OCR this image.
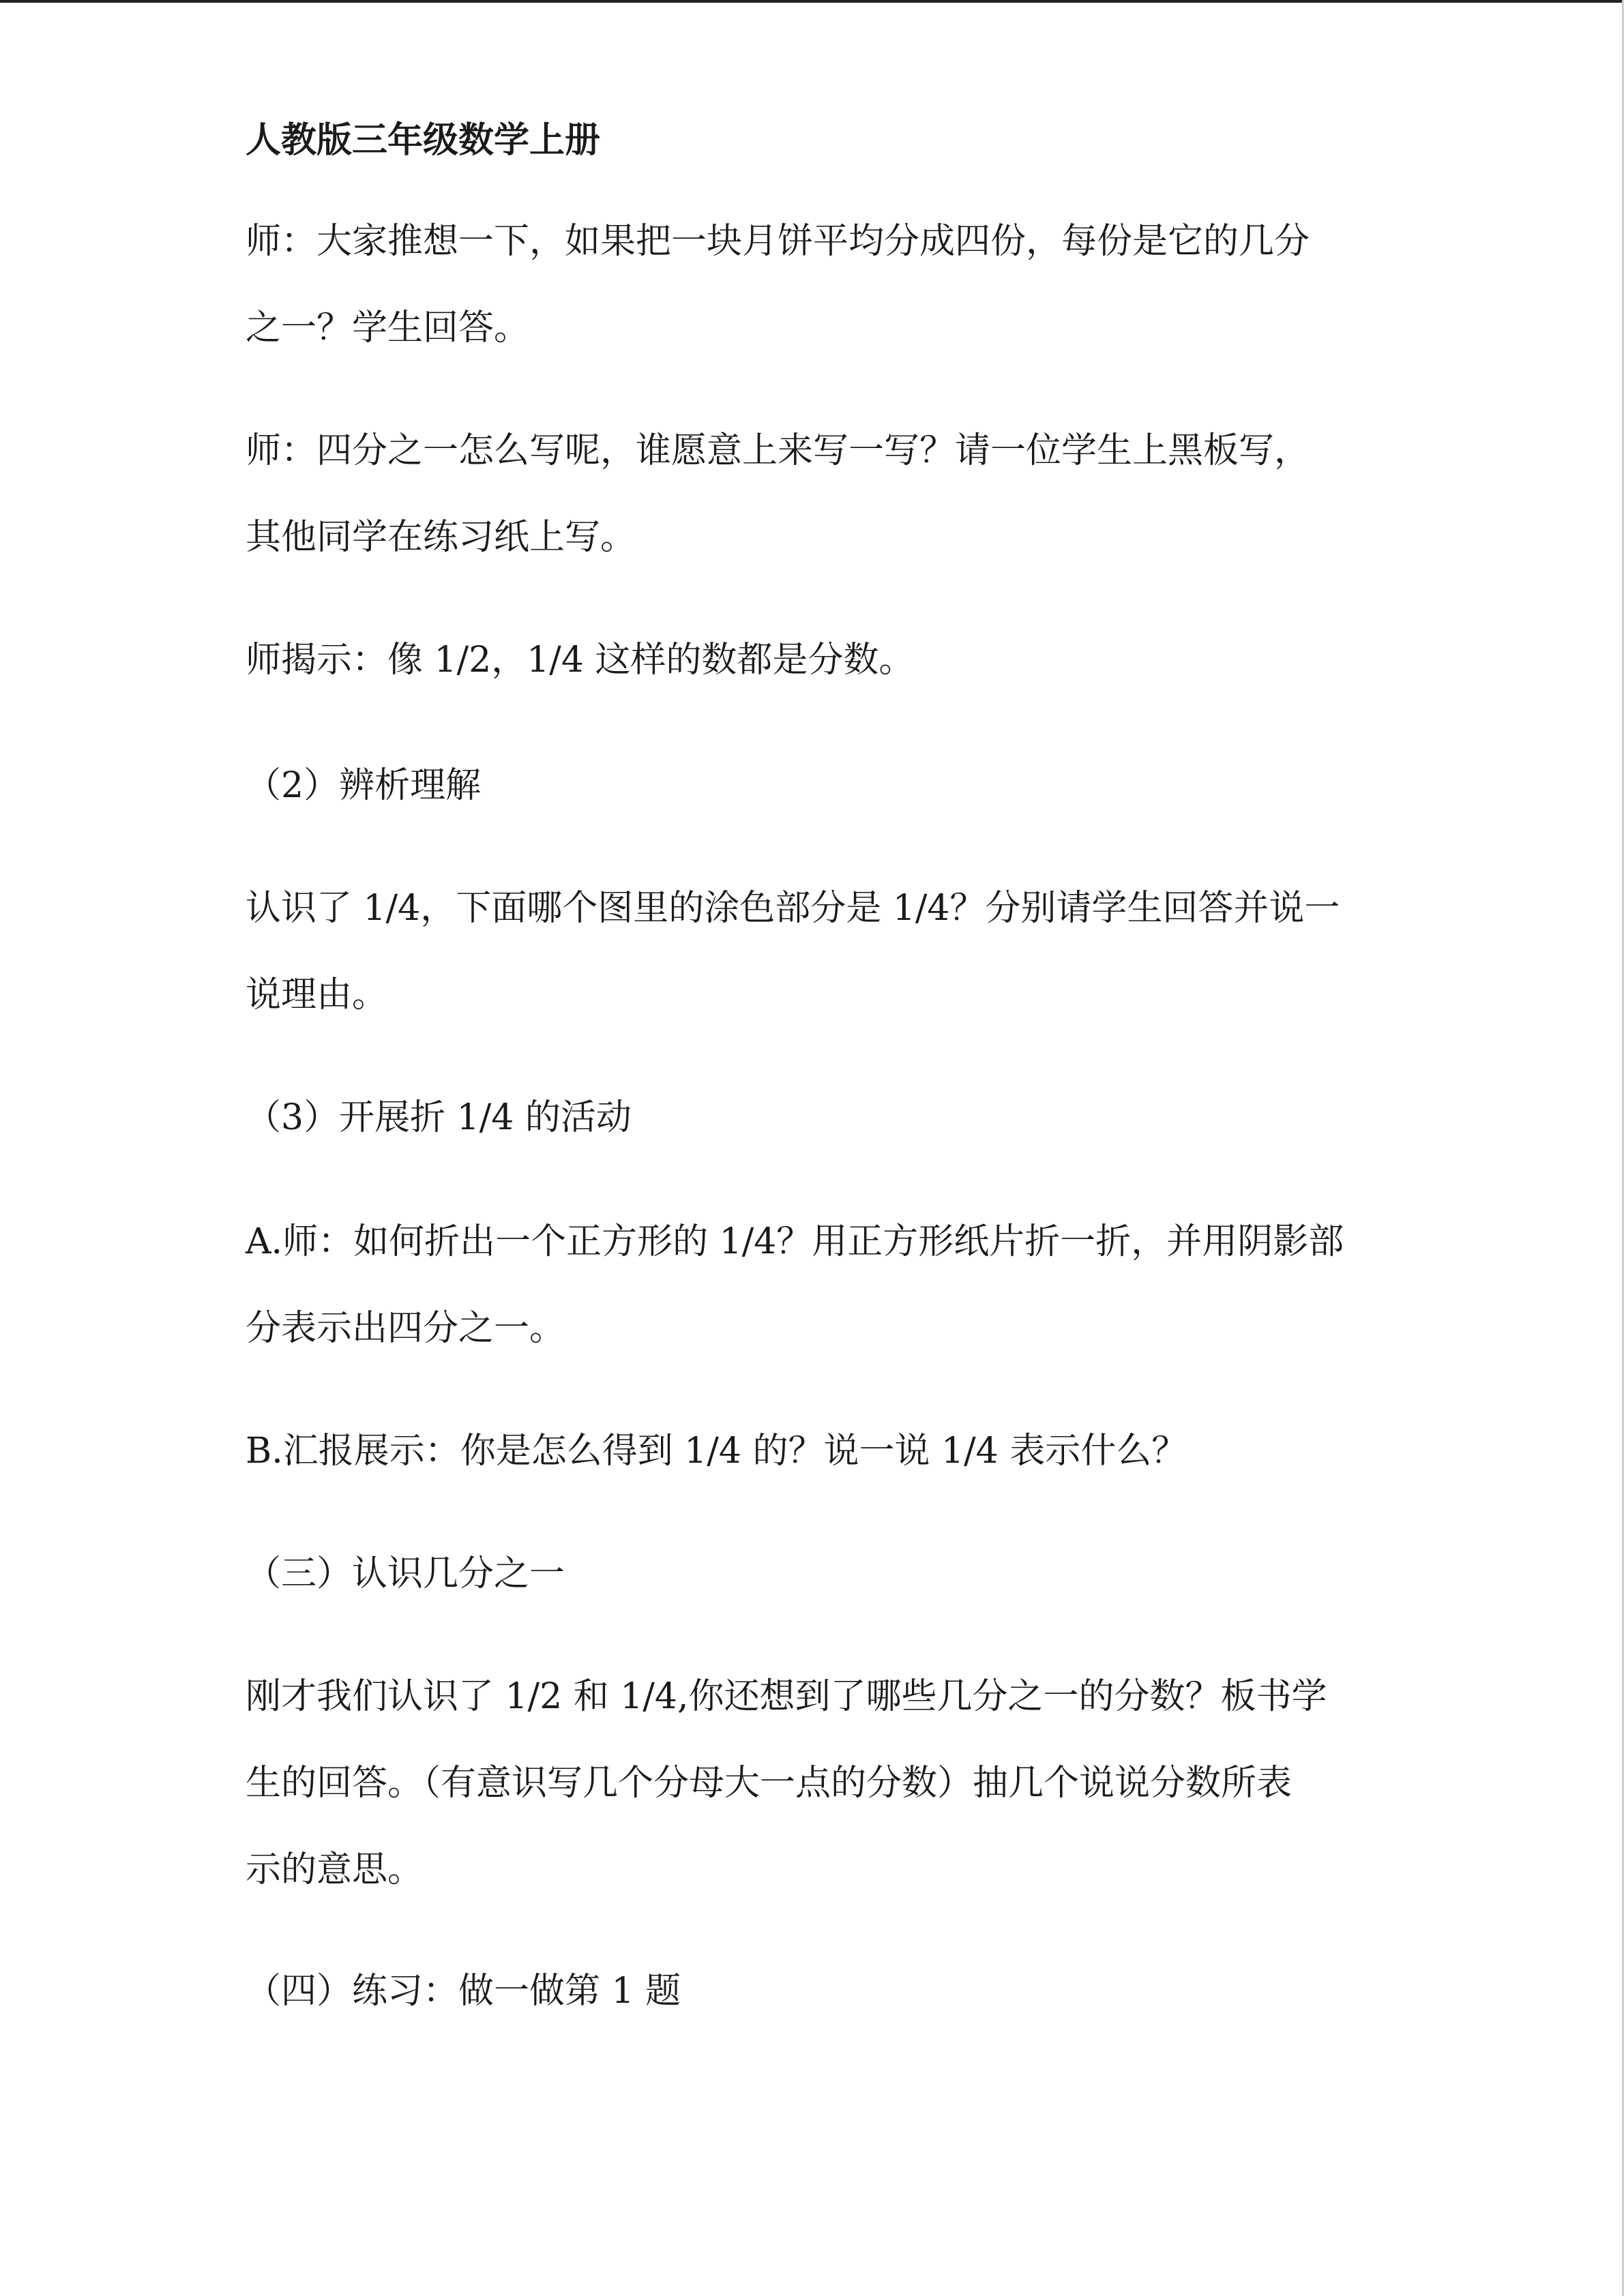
人教版三年级数学上册
师：大家推想一下，如果把一块月饼平均分成四份，每份是它的几分
之一？学生回答。
师：四分之一怎么写呢，谁愿意上来写一写？请一位学生上黑板写，
其他同学在练习纸上写。
师揭示：像 1/2，1/4 这样的数都是分数。
（2）辨析理解
认识了 1/4，下面哪个图里的涂色部分是 1/4？分别请学生回答并说一
说理由。
（3）开展折 1/4 的活动
A.师：如何折出一个正方形的 1/4？用正方形纸片折一折，并用阴影部
分表示出四分之一。
B.汇报展示：你是怎么得到 1/4 的？说一说 1/4 表示什么？
（三）认识几分之一
刚才我们认识了 1/2 和 1/4,你还想到了哪些几分之一的分数？板书学
生的回答。（有意识写几个分母大一点的分数）抽几个说说分数所表
示的意思。
（四）练习：做一做第 1 题
